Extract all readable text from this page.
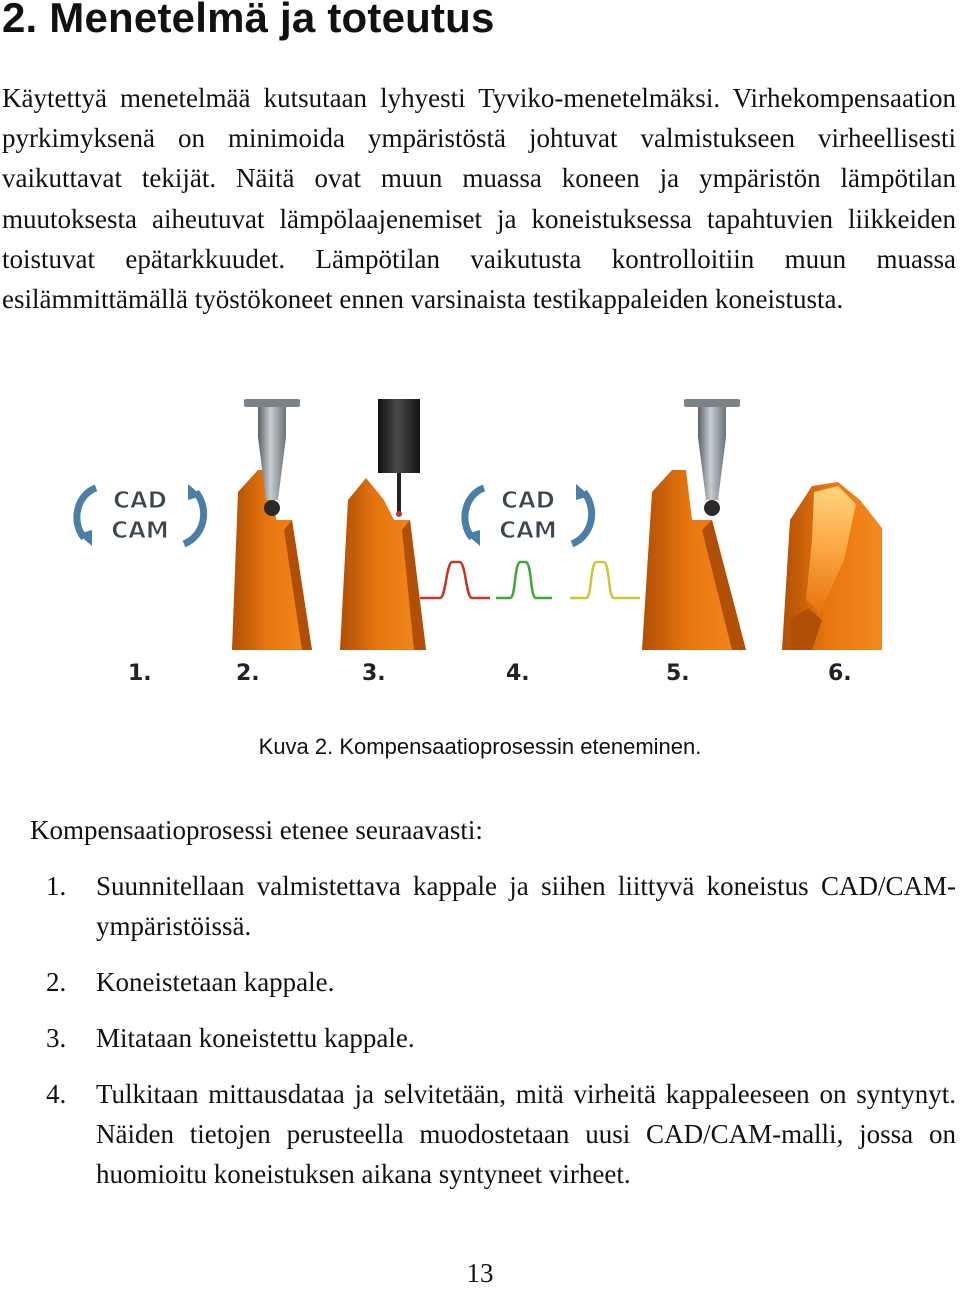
2. Menetelmä ja toteutus

Käytettyä menetelmää kutsutaan lyhyesti Tyviko-menetelmäksi. Virhekompensaation pyrkimyksenä on minimoida ympäristöstä johtuvat valmistukseen virheellisesti vaikuttavat tekijät. Näitä ovat muun muassa koneen ja ympäristön lämpötilan muutoksesta aiheutuvat lämpölaajenemiset ja koneistuksessa tapahtuvien liikkeiden toistuvat epätarkkuudet. Lämpötilan vaikutusta kontrolloitiin muun muassa esilämmittämällä työstökoneet ennen varsinaista testikappaleiden koneistusta.

CAD
CAM
CAD
CAM
1.	2.	3.	4.	5.	6.
Kuva 2. Kompensaatioprosessin eteneminen.
Kompensaatioprosessi etenee seuraavasti:
1. Suunnitellaan valmistettava kappale ja siihen liittyvä koneistus CAD/CAM-ympäristöissä.
2. Koneistetaan kappale.
3. Mitataan koneistettu kappale.
4. Tulkitaan mittausdataa ja selvitetään, mitä virheitä kappaleeseen on syntynyt. Näiden tietojen perusteella muodostetaan uusi CAD/CAM-malli, jossa on huomioitu koneistuksen aikana syntyneet virheet.
13
